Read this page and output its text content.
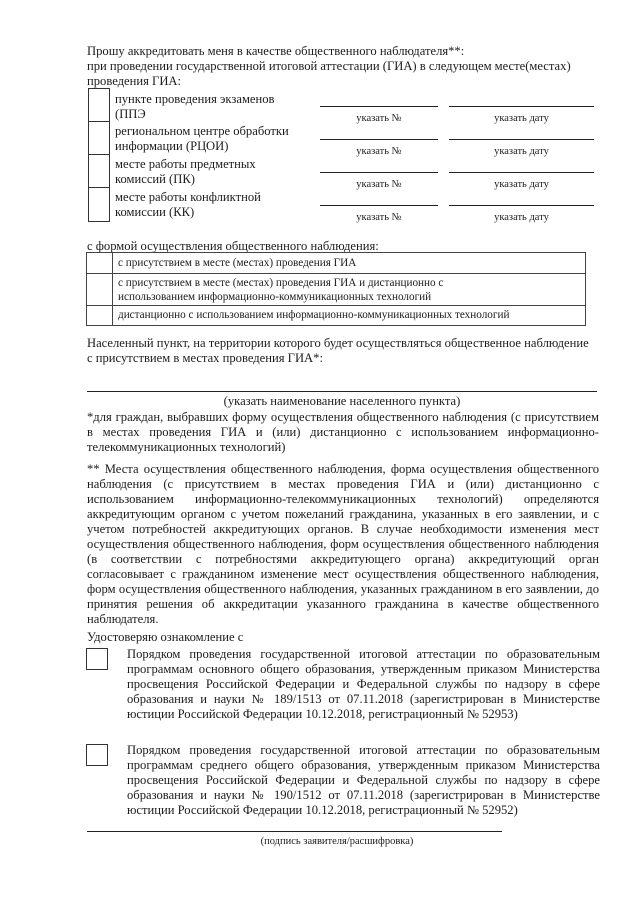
Прошу аккредитовать меня в качестве общественного наблюдателя**:
при проведении государственной итоговой аттестации (ГИА) в следующем месте(местах)
проведения ГИА:
пункте проведения экзаменов
(ППЭ	указать №	указать дату
региональном центре обработки
информации (РЦОИ)	указать №	указать дату
месте работы предметных
комиссий (ПК)	указать №	указать дату
месте работы конфликтной
комиссии (КК)	указать №	указать дату
с формой осуществления общественного наблюдения:
с присутствием в месте (местах) проведения ГИА
с присутствием в месте (местах) проведения ГИА и дистанционно с
использованием информационно-коммуникационных технологий
дистанционно с использованием информационно-коммуникационных технологий
Населенный пункт, на территории которого будет осуществляться общественное наблюдение
с присутствием в местах проведения ГИА*:
(указать наименование населенного пункта)
*для граждан, выбравших форму осуществления общественного наблюдения (с присутствием в местах проведения ГИА и (или) дистанционно с использованием информационно-телекоммуникационных технологий)
** Места осуществления общественного наблюдения, форма осуществления общественного наблюдения (с присутствием в местах проведения ГИА и (или) дистанционно с использованием информационно-телекоммуникационных технологий) определяются аккредитующим органом с учетом пожеланий гражданина, указанных в его заявлении, и с учетом потребностей аккредитующих органов. В случае необходимости изменения мест осуществления общественного наблюдения, форм осуществления общественного наблюдения (в соответствии с потребностями аккредитующего органа) аккредитующий орган согласовывает с гражданином изменение мест осуществления общественного наблюдения, форм осуществления общественного наблюдения, указанных гражданином в его заявлении, до принятия решения об аккредитации указанного гражданина в качестве общественного наблюдателя.
Удостоверяю ознакомление с
Порядком проведения государственной итоговой аттестации по образовательным программам основного общего образования, утвержденным приказом Министерства просвещения Российской Федерации и Федеральной службы по надзору в сфере образования и науки № 189/1513 от 07.11.2018 (зарегистрирован в Министерстве юстиции Российской Федерации 10.12.2018, регистрационный № 52953)
Порядком проведения государственной итоговой аттестации по образовательным программам среднего общего образования, утвержденным приказом Министерства просвещения Российской Федерации и Федеральной службы по надзору в сфере образования и науки № 190/1512 от 07.11.2018 (зарегистрирован в Министерстве юстиции Российской Федерации 10.12.2018, регистрационный № 52952)
(подпись заявителя/расшифровка)
